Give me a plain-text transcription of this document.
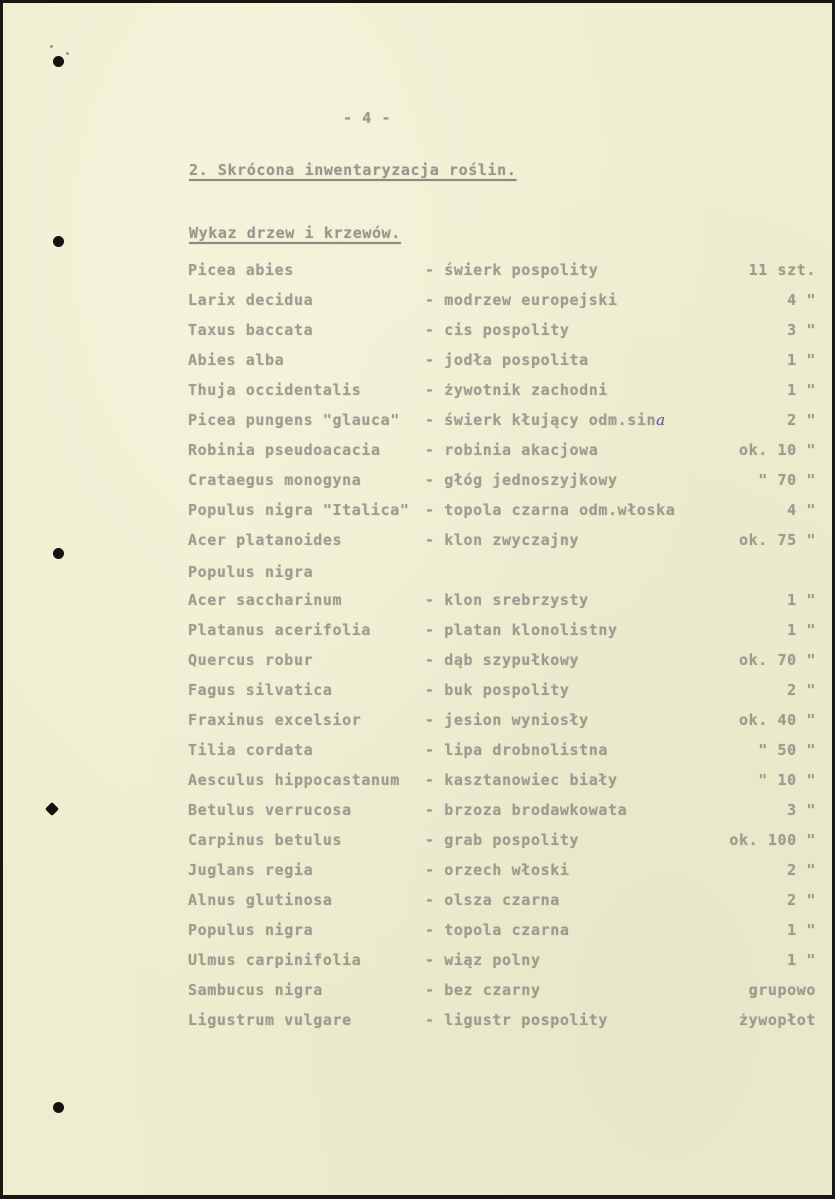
- 4 -
2. Skrócona inwentaryzacja roślin.
Wykaz drzew i krzewów.
Picea abies	- świerk pospolity	11 szt.
Larix decidua	- modrzew europejski	4 "
Taxus baccata	- cis pospolity	3 "
Abies alba	- jodła pospolita	1 "
Thuja occidentalis	- żywotnik zachodni	1 "
Picea pungens "glauca" - świerk kłujący odm.sina	2 "
Robinia pseudoacacia	- robinia akacjowa	ok. 10 "
Crataegus monogyna	- głóg jednoszyjkowy	" 70 "
Populus nigra "Italica" - topola czarna odm.włoska	4 "
Acer platanoides	- klon zwyczajny	ok. 75 "
Populus nigra
Acer saccharinum	- klon srebrzysty	1 "
Platanus acerifolia	- platan klonolistny	1 "
Quercus robur	- dąb szypułkowy	ok. 70 "
Fagus silvatica	- buk pospolity	2 "
Fraxinus excelsior	- jesion wyniosły	ok. 40 "
Tilia cordata	- lipa drobnolistna	" 50 "
Aesculus hippocastanum - kasztanowiec biały	" 10 "
Betulus verrucosa	- brzoza brodawkowata	3 "
Carpinus betulus	- grab pospolity	ok. 100 "
Juglans regia	- orzech włoski	2 "
Alnus glutinosa	- olsza czarna	2 "
Populus nigra	- topola czarna	1 "
Ulmus carpinifolia	- wiąz polny	1 "
Sambucus nigra	- bez czarny	grupowo
Ligustrum vulgare	- ligustr pospolity	żywopłot
